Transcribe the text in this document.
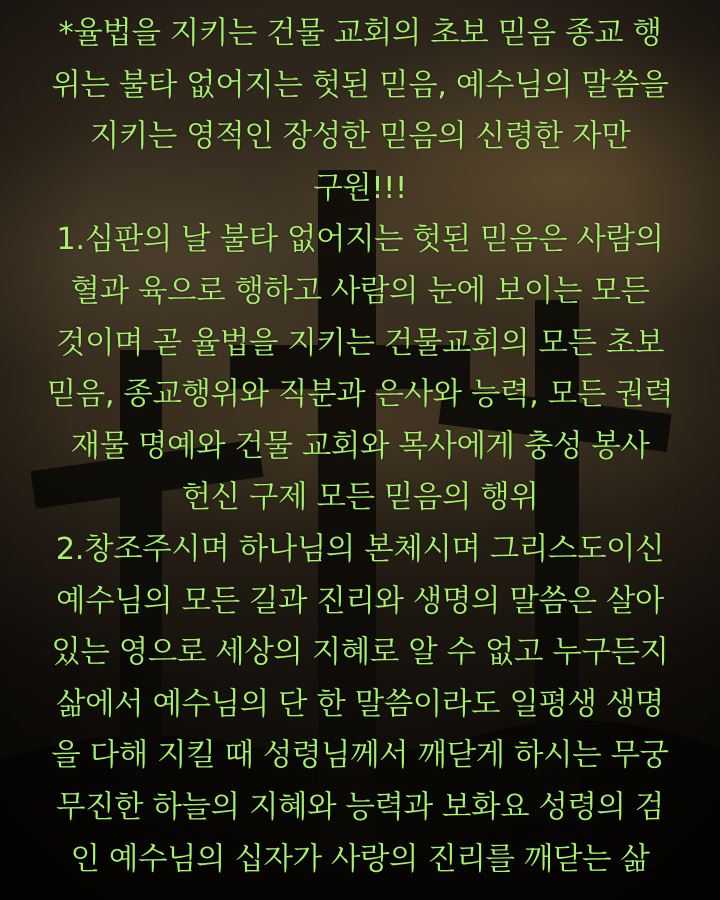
*율법을 지키는 건물 교회의 초보 믿음 종교 행
위는 불타 없어지는 헛된 믿음, 예수님의 말씀을
지키는 영적인 장성한 믿음의 신령한 자만
구원!!!
1.심판의 날 불타 없어지는 헛된 믿음은 사람의
혈과 육으로 행하고 사람의 눈에 보이는 모든
것이며 곧 율법을 지키는 건물교회의 모든 초보
믿음, 종교행위와 직분과 은사와 능력, 모든 권력
재물 명예와 건물 교회와 목사에게 충성 봉사
헌신 구제 모든 믿음의 행위
2.창조주시며 하나님의 본체시며 그리스도이신
예수님의 모든 길과 진리와 생명의 말씀은 살아
있는 영으로 세상의 지혜로 알 수 없고 누구든지
삶에서 예수님의 단 한 말씀이라도 일평생 생명
을 다해 지킬 때 성령님께서 깨닫게 하시는 무궁
무진한 하늘의 지혜와 능력과 보화요 성령의 검
인 예수님의 십자가 사랑의 진리를 깨닫는 삶
